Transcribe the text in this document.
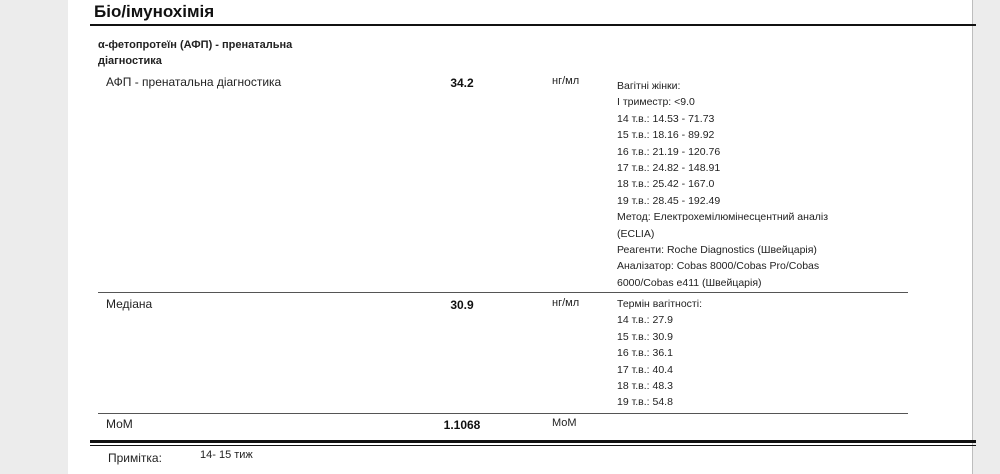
Біо/імунохімія
α-фетопротеїн (АФП) - пренатальна діагностика
АФП - пренатальна діагностика	34.2	нг/мл	Вагітні жінки:
I триместр: <9.0
14 т.в.: 14.53 - 71.73
15 т.в.: 18.16 - 89.92
16 т.в.: 21.19 - 120.76
17 т.в.: 24.82 - 148.91
18 т.в.: 25.42 - 167.0
19 т.в.: 28.45 - 192.49
Метод: Електрохемілюмінесцентний аналіз
(ECLIA)
Реагенти: Roche Diagnostics (Швейцарія)
Аналізатор: Cobas 8000/Cobas Pro/Cobas
6000/Cobas e411 (Швейцарія)
Медіана	30.9	нг/мл	Термін вагітності:
14 т.в.: 27.9
15 т.в.: 30.9
16 т.в.: 36.1
17 т.в.: 40.4
18 т.в.: 48.3
19 т.в.: 54.8
МоМ	1.1068	МоМ
Примітка:	14- 15 тиж
